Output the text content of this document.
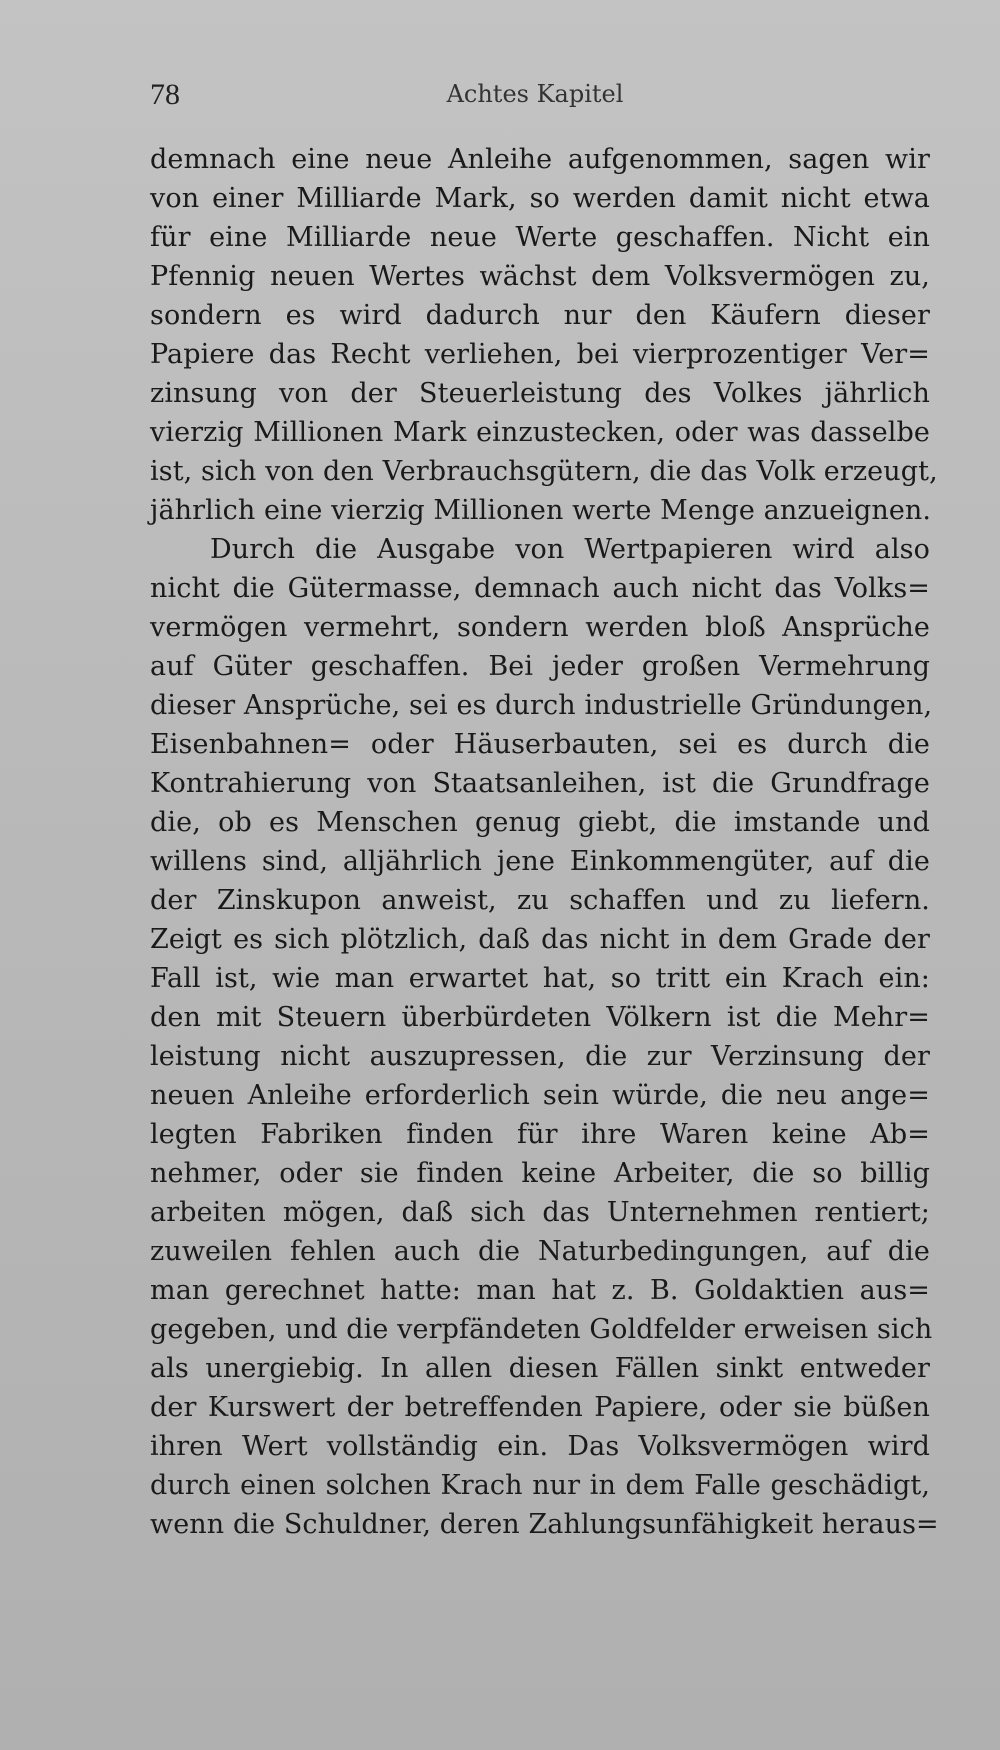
78	Achtes Kapitel
demnach eine neue Anleihe aufgenommen, sagen wir
von einer Milliarde Mark, so werden damit nicht etwa
für eine Milliarde neue Werte geschaffen. Nicht ein
Pfennig neuen Wertes wächst dem Volksvermögen zu,
sondern es wird dadurch nur den Käufern dieser
Papiere das Recht verliehen, bei vierprozentiger Ver=
zinsung von der Steuerleistung des Volkes jährlich
vierzig Millionen Mark einzustecken, oder was dasselbe
ist, sich von den Verbrauchsgütern, die das Volk erzeugt,
jährlich eine vierzig Millionen werte Menge anzueignen.
Durch die Ausgabe von Wertpapieren wird also
nicht die Gütermasse, demnach auch nicht das Volks=
vermögen vermehrt, sondern werden bloß Ansprüche
auf Güter geschaffen. Bei jeder großen Vermehrung
dieser Ansprüche, sei es durch industrielle Gründungen,
Eisenbahnen= oder Häuserbauten, sei es durch die
Kontrahierung von Staatsanleihen, ist die Grundfrage
die, ob es Menschen genug giebt, die imstande und
willens sind, alljährlich jene Einkommengüter, auf die
der Zinskupon anweist, zu schaffen und zu liefern.
Zeigt es sich plötzlich, daß das nicht in dem Grade der
Fall ist, wie man erwartet hat, so tritt ein Krach ein:
den mit Steuern überbürdeten Völkern ist die Mehr=
leistung nicht auszupressen, die zur Verzinsung der
neuen Anleihe erforderlich sein würde, die neu ange=
legten Fabriken finden für ihre Waren keine Ab=
nehmer, oder sie finden keine Arbeiter, die so billig
arbeiten mögen, daß sich das Unternehmen rentiert;
zuweilen fehlen auch die Naturbedingungen, auf die
man gerechnet hatte: man hat z. B. Goldaktien aus=
gegeben, und die verpfändeten Goldfelder erweisen sich
als unergiebig. In allen diesen Fällen sinkt entweder
der Kurswert der betreffenden Papiere, oder sie büßen
ihren Wert vollständig ein. Das Volksvermögen wird
durch einen solchen Krach nur in dem Falle geschädigt,
wenn die Schuldner, deren Zahlungsunfähigkeit heraus=
